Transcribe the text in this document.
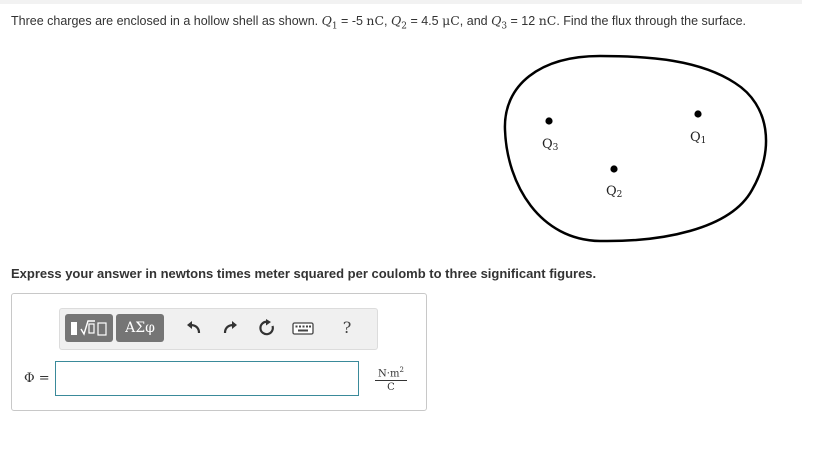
Three charges are enclosed in a hollow shell as shown. $Q_1 = -5$ nC, $Q_2 = 4.5$ μC, and $Q_3 = 12$ nC. Find the flux through the surface.
Q3
Q1
Q2
Express your answer in newtons times meter squared per coulomb to three significant figures.
ΑΣφ	?
Φ =	$\frac{N\cdot m^2}{C}$
